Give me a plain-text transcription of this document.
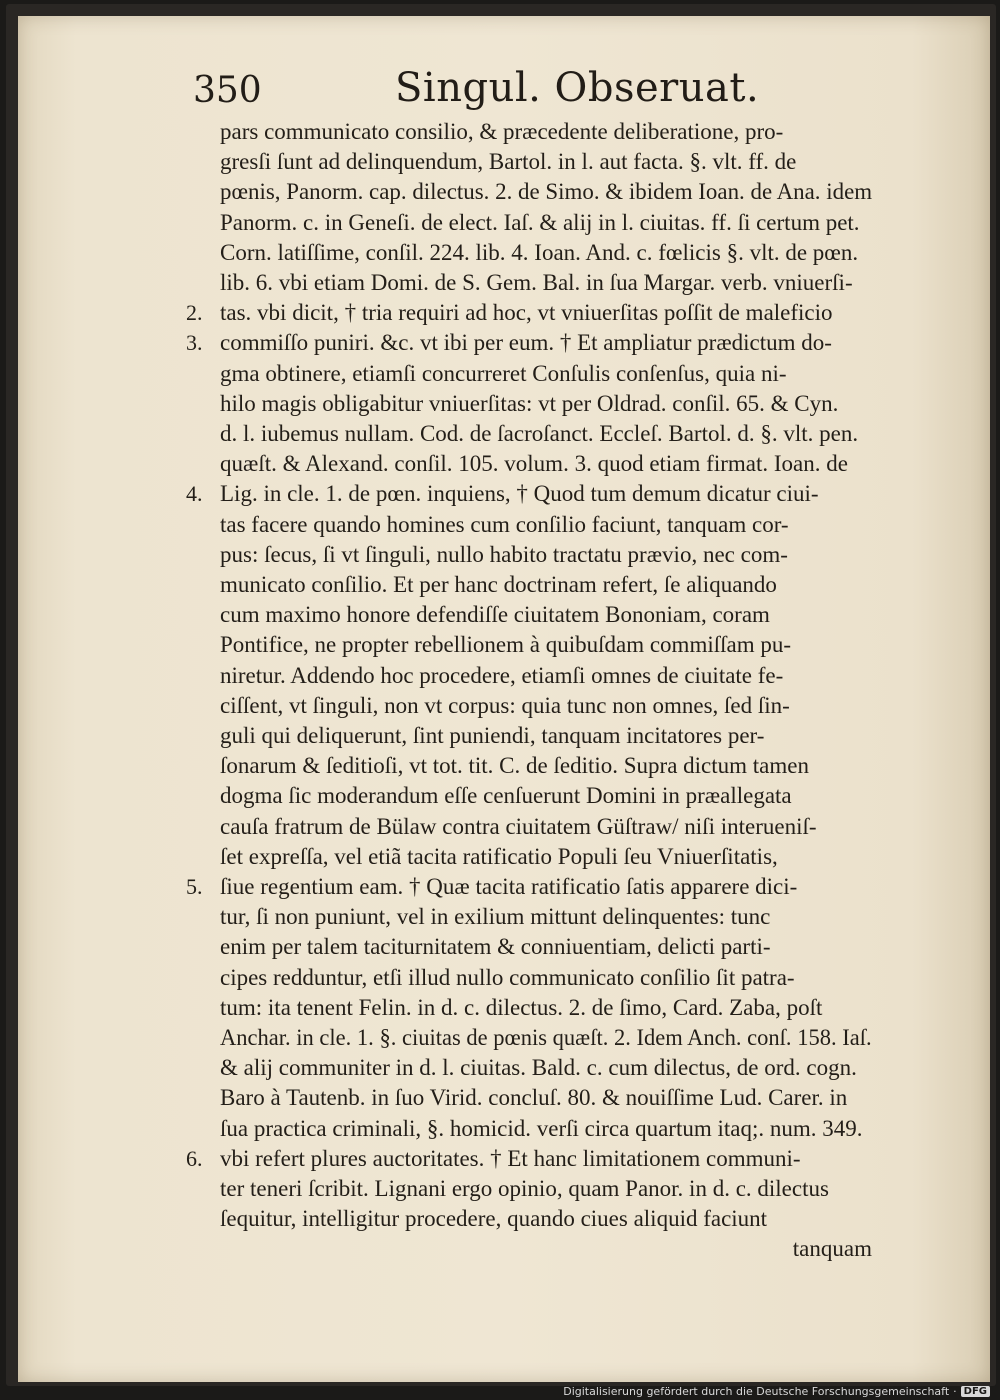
350	Singul. Obseruat.
pars communicato consilio, & præcedente deliberatione, pro-
gresſi ſunt ad delinquendum, Bartol. in l. aut facta. §. vlt. ff. de
pœnis, Panorm. cap. dilectus. 2. de Simo. & ibidem Ioan. de Ana. idem
Panorm. c. in Geneſi. de elect. Iaſ. & alij in l. ciuitas. ff. ſi certum pet.
Corn. latiſſime, conſil. 224. lib. 4. Ioan. And. c. fœlicis §. vlt. de pœn.
lib. 6. vbi etiam Domi. de S. Gem. Bal. in ſua Margar. verb. vniuerſi-
tas. vbi dicit, † tria requiri ad hoc, vt vniuerſitas poſſit de maleficio
commiſſo puniri. &c. vt ibi per eum. † Et ampliatur prædictum do-
gma obtinere, etiamſi concurreret Conſulis conſenſus, quia ni-
hilo magis obligabitur vniuerſitas: vt per Oldrad. conſil. 65. & Cyn.
d. l. iubemus nullam. Cod. de ſacroſanct. Eccleſ. Bartol. d. §. vlt. pen.
quæſt. & Alexand. conſil. 105. volum. 3. quod etiam firmat. Ioan. de
Lig. in cle. 1. de pœn. inquiens, † Quod tum demum dicatur ciui-
tas facere quando homines cum conſilio faciunt, tanquam cor-
pus: ſecus, ſi vt ſinguli, nullo habito tractatu prævio, nec com-
municato conſilio. Et per hanc doctrinam refert, ſe aliquando
cum maximo honore defendiſſe ciuitatem Bononiam, coram
Pontifice, ne propter rebellionem à quibuſdam commiſſam pu-
niretur. Addendo hoc procedere, etiamſi omnes de ciuitate fe-
ciſſent, vt ſinguli, non vt corpus: quia tunc non omnes, ſed ſin-
guli qui deliquerunt, ſint puniendi, tanquam incitatores per-
ſonarum & ſeditioſi, vt tot. tit. C. de ſeditio. Supra dictum tamen
dogma ſic moderandum eſſe cenſuerunt Domini in præallegata
cauſa fratrum de Bülaw contra ciuitatem Güſtraw/ niſi interueniſ-
ſet expreſſa, vel etiã tacita ratificatio Populi ſeu Vniuerſitatis,
ſiue regentium eam. † Quæ tacita ratificatio ſatis apparere dici-
tur, ſi non puniunt, vel in exilium mittunt delinquentes: tunc
enim per talem taciturnitatem & conniuentiam, delicti parti-
cipes redduntur, etſi illud nullo communicato conſilio ſit patra-
tum: ita tenent Felin. in d. c. dilectus. 2. de ſimo, Card. Zaba, poſt
Anchar. in cle. 1. §. ciuitas de pœnis quæſt. 2. Idem Anch. conſ. 158. Iaſ.
& alij communiter in d. l. ciuitas. Bald. c. cum dilectus, de ord. cogn.
Baro à Tautenb. in ſuo Virid. concluſ. 80. & nouiſſime Lud. Carer. in
ſua practica criminali, §. homicid. verſi circa quartum itaq;. num. 349.
vbi refert plures auctoritates. † Et hanc limitationem communi-
ter teneri ſcribit. Lignani ergo opinio, quam Panor. in d. c. dilectus
ſequitur, intelligitur procedere, quando ciues aliquid faciunt
tanquam
2.
3.
4.
5.
6.
Digitalisierung gefördert durch die Deutsche Forschungsgemeinschaft · DFG
